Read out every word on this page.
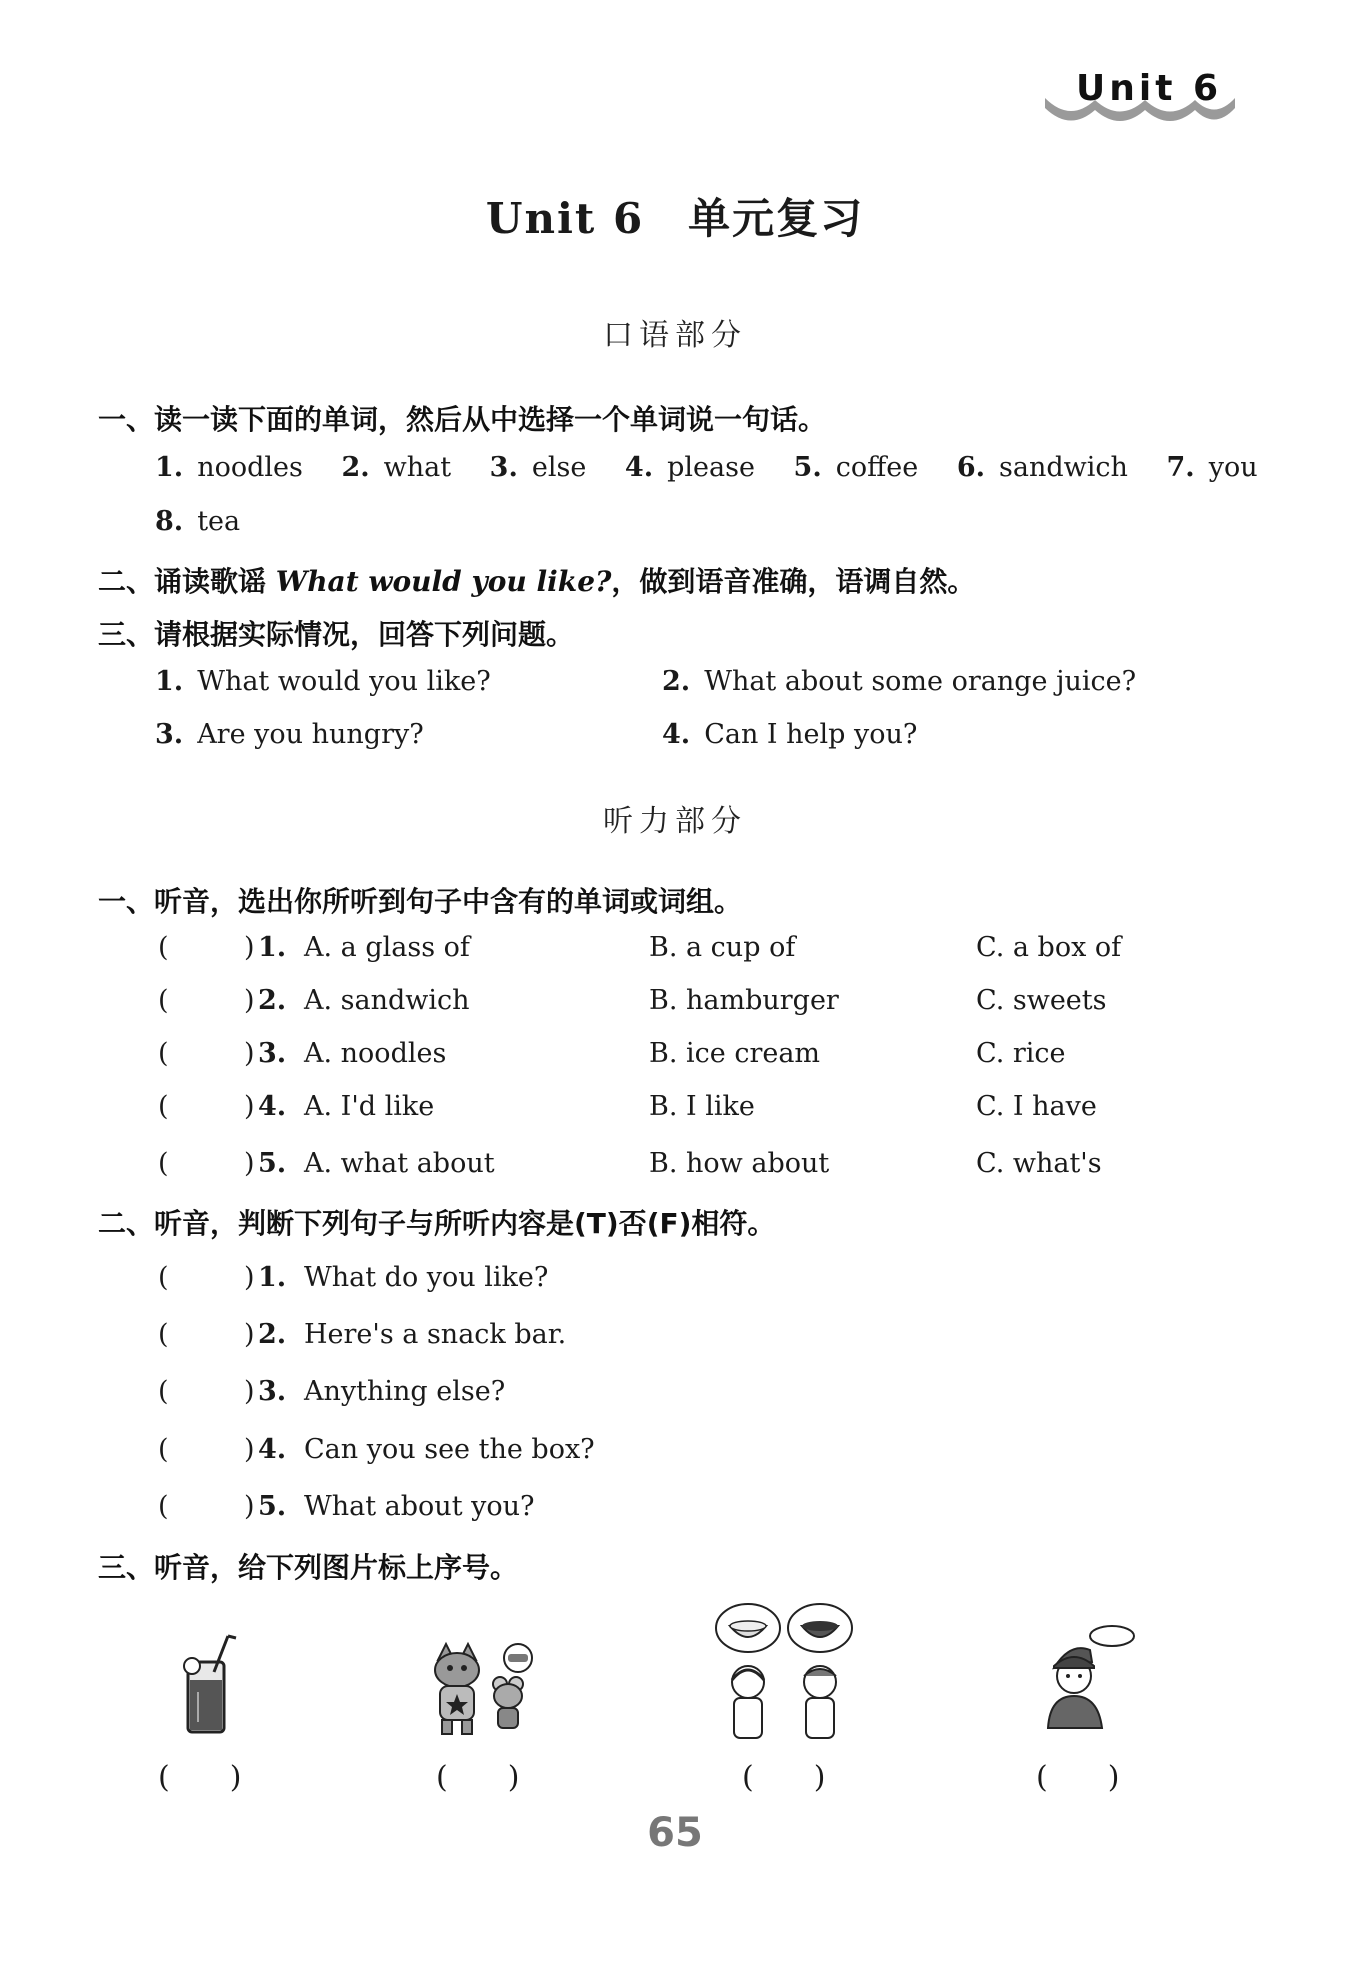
Unit 6
Unit 6　单元复习
口语部分
一、读一读下面的单词，然后从中选择一个单词说一句话。
1. noodles 2. what 3. else 4. please 5. coffee 6. sandwich 7. you
8. tea
二、诵读歌谣 What would you like?，做到语音准确，语调自然。
三、请根据实际情况，回答下列问题。
1. What would you like?	2. What about some orange juice?
3. Are you hungry?	4. Can I help you?
听力部分
一、听音，选出你所听到句子中含有的单词或词组。
(	) 1. A. a glass of	B. a cup of	C. a box of
(	) 2. A. sandwich	B. hamburger	C. sweets
(	) 3. A. noodles	B. ice cream	C. rice
(	) 4. A. I'd like	B. I like	C. I have
(	) 5. A. what about	B. how about	C. what's
二、听音，判断下列句子与所听内容是(T)否(F)相符。
(	) 1. What do you like?
(	) 2. Here's a snack bar.
(	) 3. Anything else?
(	) 4. Can you see the box?
(	) 5. What about you?
三、听音，给下列图片标上序号。
(　　)	(　　)	(　　)	(　　)
65
